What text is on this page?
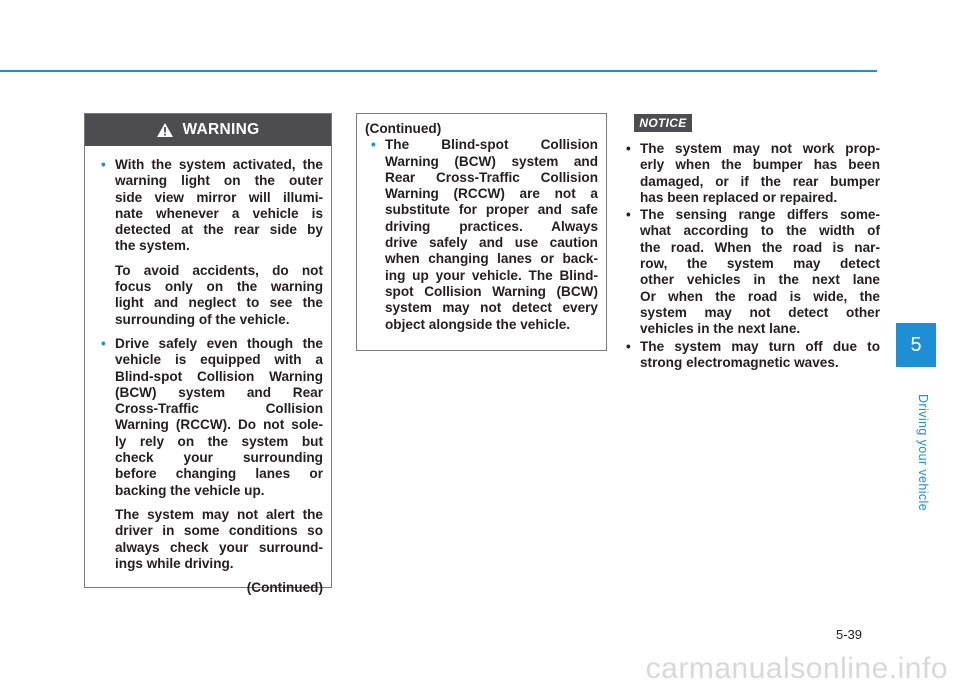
5
Driving your vehicle
WARNING
• With the system activated, the
warning light on the outer
side view mirror will illumi-
nate whenever a vehicle is
detected at the rear side by
the system.
To avoid accidents, do not
focus only on the warning
light and neglect to see the
surrounding of the vehicle.
• Drive safely even though the
vehicle is equipped with a
Blind-spot Collision Warning
(BCW) system and Rear
Cross-Traffic Collision
Warning (RCCW). Do not sole-
ly rely on the system but
check your surrounding
before changing lanes or
backing the vehicle up.
The system may not alert the
driver in some conditions so
always check your surround-
ings while driving.
(Continued)
(Continued)
• The Blind-spot Collision
Warning (BCW) system and
Rear Cross-Traffic Collision
Warning (RCCW) are not a
substitute for proper and safe
driving practices. Always
drive safely and use caution
when changing lanes or back-
ing up your vehicle. The Blind-
spot Collision Warning (BCW)
system may not detect every
object alongside the vehicle.
NOTICE
• The system may not work prop-
erly when the bumper has been
damaged, or if the rear bumper
has been replaced or repaired.
• The sensing range differs some-
what according to the width of
the road. When the road is nar-
row, the system may detect
other vehicles in the next lane
Or when the road is wide, the
system may not detect other
vehicles in the next lane.
• The system may turn off due to
strong electromagnetic waves.
5-39
carmanualsonline.info
